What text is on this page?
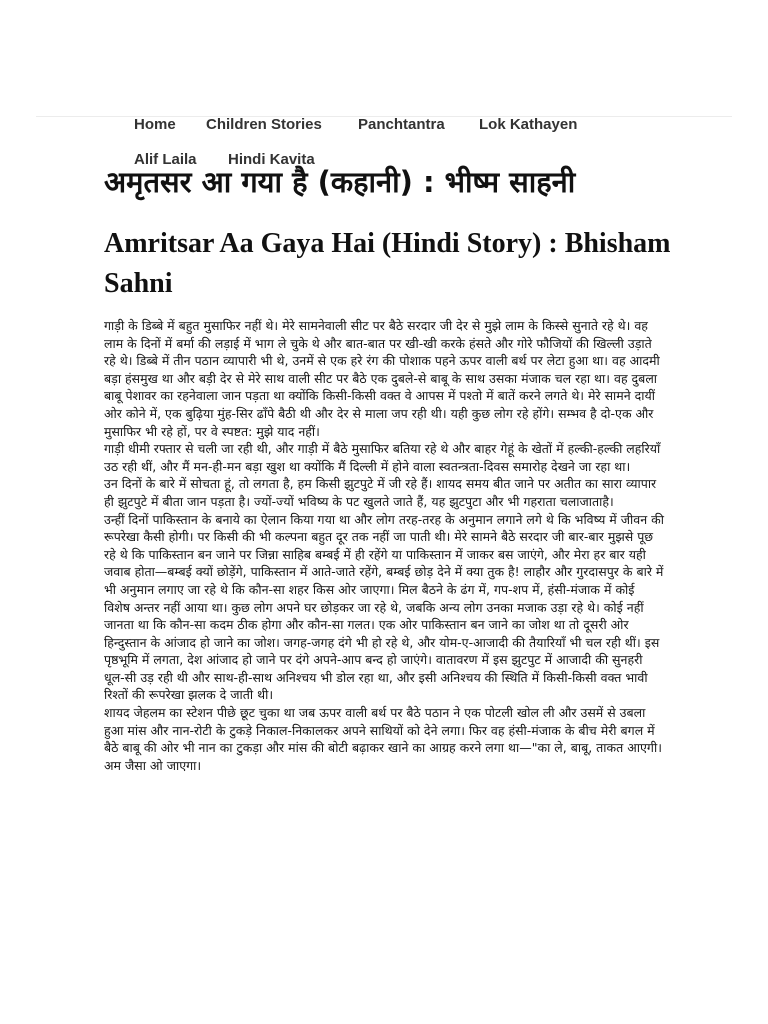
Home Children Stories Panchtantra Lok Kathayen
Alif Laila Hindi Kavita
अमृतसर आ गया है (कहानी) : भीष्म साहनी
Amritsar Aa Gaya Hai (Hindi Story) : Bhisham Sahni

गाड़ी के डिब्बे में बहुत मुसाफिर नहीं थे। मेरे सामनेवाली सीट पर बैठे सरदार जी देर से मुझे लाम के किस्से सुनाते रहे थे। वह लाम के दिनों में बर्मा की लड़ाई में भाग ले चुके थे और बात-बात पर खी-खी करके हंसते और गोरे फौजियों की खिल्ली उड़ाते रहे थे। डिब्बे में तीन पठान व्यापारी भी थे, उनमें से एक हरे रंग की पोशाक पहने ऊपर वाली बर्थ पर लेटा हुआ था। वह आदमी बड़ा हंसमुख था और बड़ी देर से मेरे साथ वाली सीट पर बैठे एक दुबले-से बाबू के साथ उसका मंजाक चल रहा था। वह दुबला बाबू पेशावर का रहनेवाला जान पड़ता था क्योंकि किसी-किसी वक्त वे आपस में पश्तो में बातें करने लगते थे। मेरे सामने दायीं ओर कोने में, एक बुढ़िया मुंह-सिर ढाँपे बैठी थी और देर से माला जप रही थी। यही कुछ लोग रहे होंगे। सम्भव है दो-एक और मुसाफिर भी रहे हों, पर वे स्पष्टत: मुझे याद नहीं।

गाड़ी धीमी रफ्तार से चली जा रही थी, और गाड़ी में बैठे मुसाफिर बतिया रहे थे और बाहर गेहूं के खेतों में हल्की-हल्की लहरियाँ उठ रही थीं, और मैं मन-ही-मन बड़ा खुश था क्योंकि मैं दिल्ली में होने वाला स्वतन्त्रता-दिवस समारोह देखने जा रहा था।

उन दिनों के बारे में सोचता हूं, तो लगता है, हम किसी झुटपुटे में जी रहे हैं। शायद समय बीत जाने पर अतीत का सारा व्यापार ही झुटपुटे में बीता जान पड़ता है। ज्यों-ज्यों भविष्य के पट खुलते जाते हैं, यह झुटपुटा और भी गहराता चलाजाताहै।

उन्हीं दिनों पाकिस्तान के बनाये का ऐलान किया गया था और लोग तरह-तरह के अनुमान लगाने लगे थे कि भविष्य में जीवन की रूपरेखा कैसी होगी। पर किसी की भी कल्पना बहुत दूर तक नहीं जा पाती थी। मेरे सामने बैठे सरदार जी बार-बार मुझसे पूछ रहे थे कि पाकिस्तान बन जाने पर जिन्ना साहिब बम्बई में ही रहेंगे या पाकिस्तान में जाकर बस जाएंगे, और मेरा हर बार यही जवाब होता—बम्बई क्यों छोड़ेंगे, पाकिस्तान में आते-जाते रहेंगे, बम्बई छोड़ देने में क्या तुक है! लाहौर और गुरदासपुर के बारे में भी अनुमान लगाए जा रहे थे कि कौन-सा शहर किस ओर जाएगा। मिल बैठने के ढंग में, गप-शप में, हंसी-मंजाक में कोई विशेष अन्तर नहीं आया था। कुछ लोग अपने घर छोड़कर जा रहे थे, जबकि अन्य लोग उनका मजाक उड़ा रहे थे। कोई नहीं जानता था कि कौन-सा कदम ठीक होगा और कौन-सा गलत। एक ओर पाकिस्तान बन जाने का जोश था तो दूसरी ओर हिन्दुस्तान के आंजाद हो जाने का जोश। जगह-जगह दंगे भी हो रहे थे, और योम-ए-आजादी की तैयारियाँ भी चल रही थीं। इस पृष्ठभूमि में लगता, देश आंजाद हो जाने पर दंगे अपने-आप बन्द हो जाएंगे। वातावरण में इस झुटपुट में आजादी की सुनहरी धूल-सी उड़ रही थी और साथ-ही-साथ अनिश्चय भी डोल रहा था, और इसी अनिश्चय की स्थिति में किसी-किसी वक्त भावी रिश्तों की रूपरेखा झलक दे जाती थी।

शायद जेहलम का स्टेशन पीछे छूट चुका था जब ऊपर वाली बर्थ पर बैठे पठान ने एक पोटली खोल ली और उसमें से उबला हुआ मांस और नान-रोटी के टुकड़े निकाल-निकालकर अपने साथियों को देने लगा। फिर वह हंसी-मंजाक के बीच मेरी बगल में बैठे बाबू की ओर भी नान का टुकड़ा और मांस की बोटी बढ़ाकर खाने का आग्रह करने लगा था—"का ले, बाबू, ताकत आएगी। अम जैसा ओ जाएगा।
